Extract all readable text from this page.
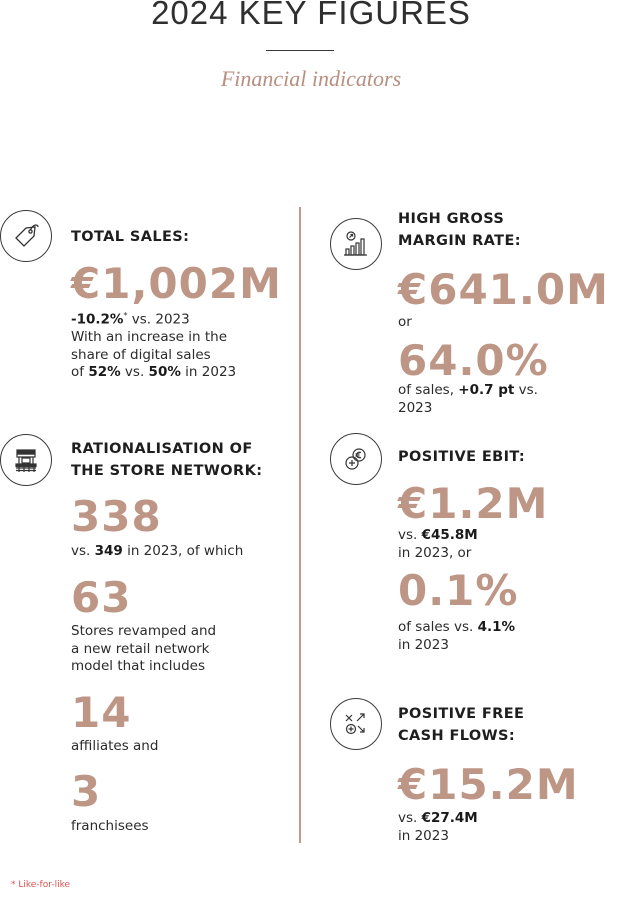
2024 KEY FIGURES
Financial indicators
TOTAL SALES:
€1,002M
-10.2%* vs. 2023
With an increase in the
share of digital sales
of 52% vs. 50% in 2023
RATIONALISATION OF
THE STORE NETWORK:
338
vs. 349 in 2023, of which
63
Stores revamped and
a new retail network
model that includes
14
affiliates and
3
franchisees
HIGH GROSS
MARGIN RATE:
€641.0M
or
64.0%
of sales, +0.7 pt vs.
2023
POSITIVE EBIT:
€1.2M
vs. €45.8M
in 2023, or
0.1%
of sales vs. 4.1%
in 2023
POSITIVE FREE
CASH FLOWS:
€15.2M
vs. €27.4M
in 2023
* Like-for-like
